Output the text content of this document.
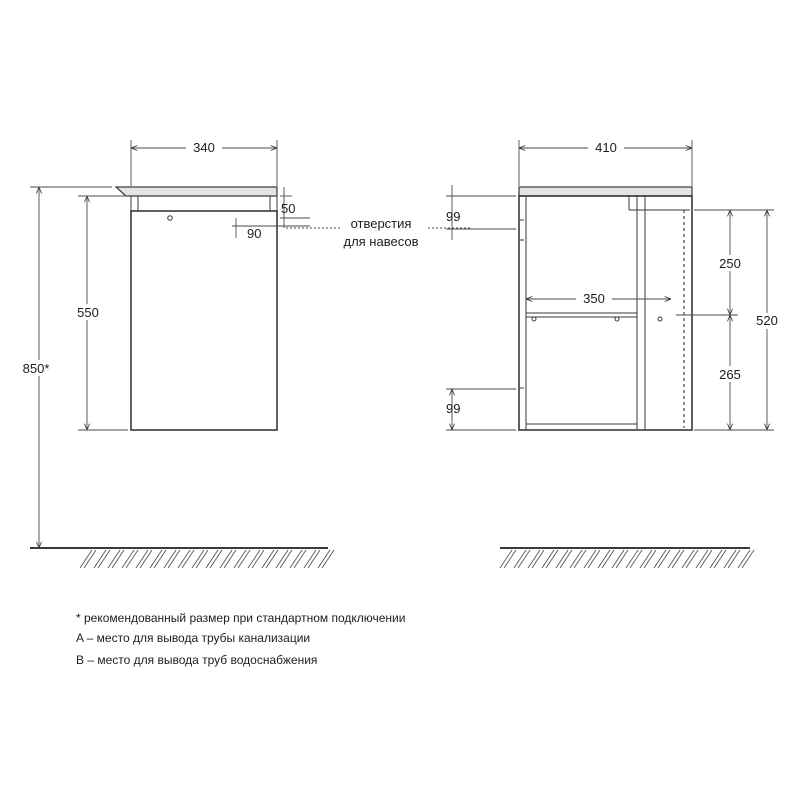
340
550
850*
50
90
отверстия
для навесов
410
350
99
99
250
265
520
* рекомендованный размер при стандартном подключении
A – место для вывода трубы канализации
B – место для вывода труб водоснабжения
